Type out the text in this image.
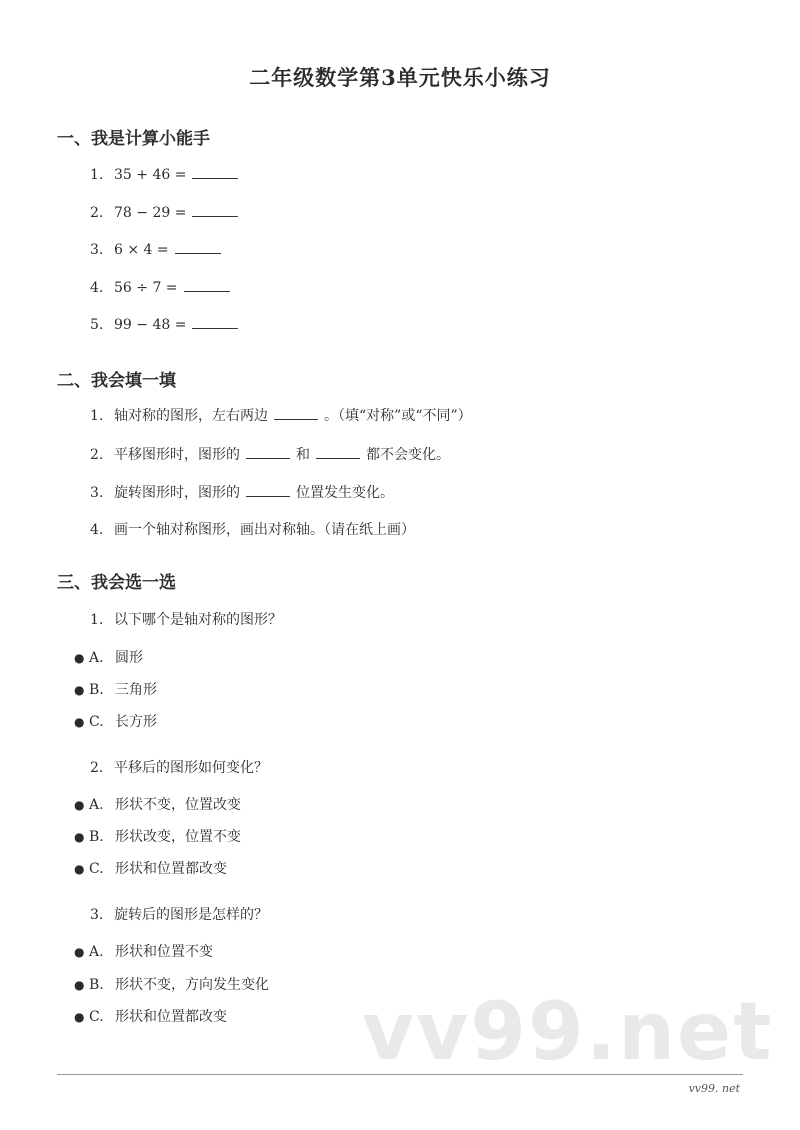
二年级数学第3单元快乐小练习
一、我是计算小能手
1. 35 + 46 =
2. 78 − 29 =
3. 6 × 4 =
4. 56 ÷ 7 =
5. 99 − 48 =
二、我会填一填
1. 轴对称的图形，左右两边	。（填“对称”或“不同”）
2. 平移图形时，图形的	和	都不会变化。
3. 旋转图形时，图形的	位置发生变化。
4. 画一个轴对称图形，画出对称轴。（请在纸上画）
三、我会选一选
1. 以下哪个是轴对称的图形？
● A. 圆形
● B. 三角形
● C. 长方形
2. 平移后的图形如何变化？
● A. 形状不变，位置改变
● B. 形状改变，位置不变
● C. 形状和位置都改变
3. 旋转后的图形是怎样的？
● A. 形状和位置不变
● B. 形状不变，方向发生变化
● C. 形状和位置都改变 vv99.net
vv99. net
